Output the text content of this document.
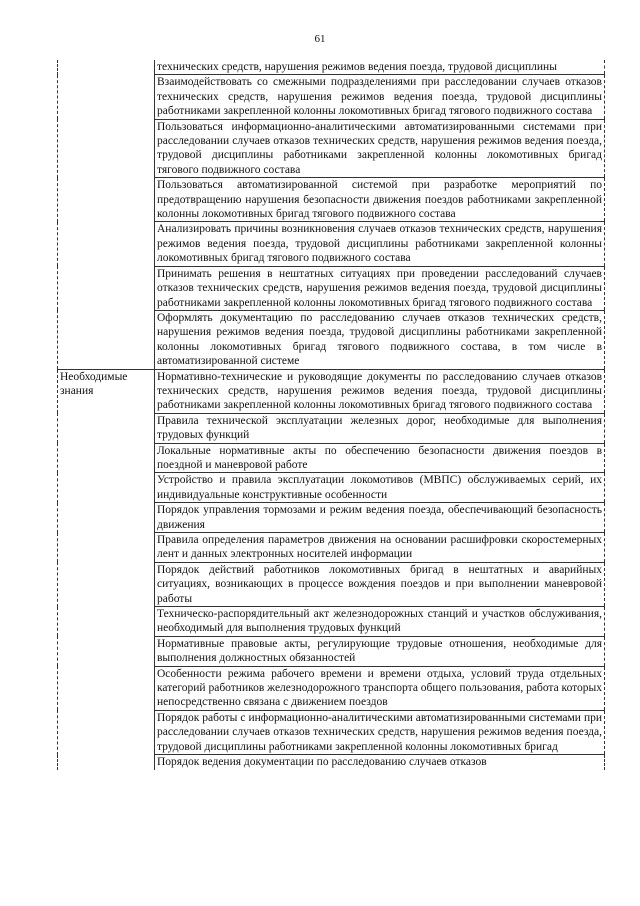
61
	технических средств, нарушения режимов ведения поезда, трудовой дисциплины
	Взаимодействовать со смежными подразделениями при расследовании случаев отказов технических средств, нарушения режимов ведения поезда, трудовой дисциплины работниками закрепленной колонны локомотивных бригад тягового подвижного состава
	Пользоваться информационно-аналитическими автоматизированными системами при расследовании случаев отказов технических средств, нарушения режимов ведения поезда, трудовой дисциплины работниками закрепленной колонны локомотивных бригад тягового подвижного состава
	Пользоваться автоматизированной системой при разработке мероприятий по предотвращению нарушения безопасности движения поездов работниками закрепленной колонны локомотивных бригад тягового подвижного состава
	Анализировать причины возникновения случаев отказов технических средств, нарушения режимов ведения поезда, трудовой дисциплины работниками закрепленной колонны локомотивных бригад тягового подвижного состава
	Принимать решения в нештатных ситуациях при проведении расследований случаев отказов технических средств, нарушения режимов ведения поезда, трудовой дисциплины работниками закрепленной колонны локомотивных бригад тягового подвижного состава
	Оформлять документацию по расследованию случаев отказов технических средств, нарушения режимов ведения поезда, трудовой дисциплины работниками закрепленной колонны локомотивных бригад тягового подвижного состава, в том числе в автоматизированной системе

Необходимые знания	Нормативно-технические и руководящие документы по расследованию случаев отказов технических средств, нарушения режимов ведения поезда, трудовой дисциплины работниками закрепленной колонны локомотивных бригад тягового подвижного состава
	Правила технической эксплуатации железных дорог, необходимые для выполнения трудовых функций
	Локальные нормативные акты по обеспечению безопасности движения поездов в поездной и маневровой работе
	Устройство и правила эксплуатации локомотивов (МВПС) обслуживаемых серий, их индивидуальные конструктивные особенности
	Порядок управления тормозами и режим ведения поезда, обеспечивающий безопасность движения
	Правила определения параметров движения на основании расшифровки скоростемерных лент и данных электронных носителей информации
	Порядок действий работников локомотивных бригад в нештатных и аварийных ситуациях, возникающих в процессе вождения поездов и при выполнении маневровой работы
	Техническо-распорядительный акт железнодорожных станций и участков обслуживания, необходимый для выполнения трудовых функций
	Нормативные правовые акты, регулирующие трудовые отношения, необходимые для выполнения должностных обязанностей
	Особенности режима рабочего времени и времени отдыха, условий труда отдельных категорий работников железнодорожного транспорта общего пользования, работа которых непосредственно связана с движением поездов
	Порядок работы с информационно-аналитическими автоматизированными системами при расследовании случаев отказов технических средств, нарушения режимов ведения поезда, трудовой дисциплины работниками закрепленной колонны локомотивных бригад
	Порядок ведения документации по расследованию случаев отказов
